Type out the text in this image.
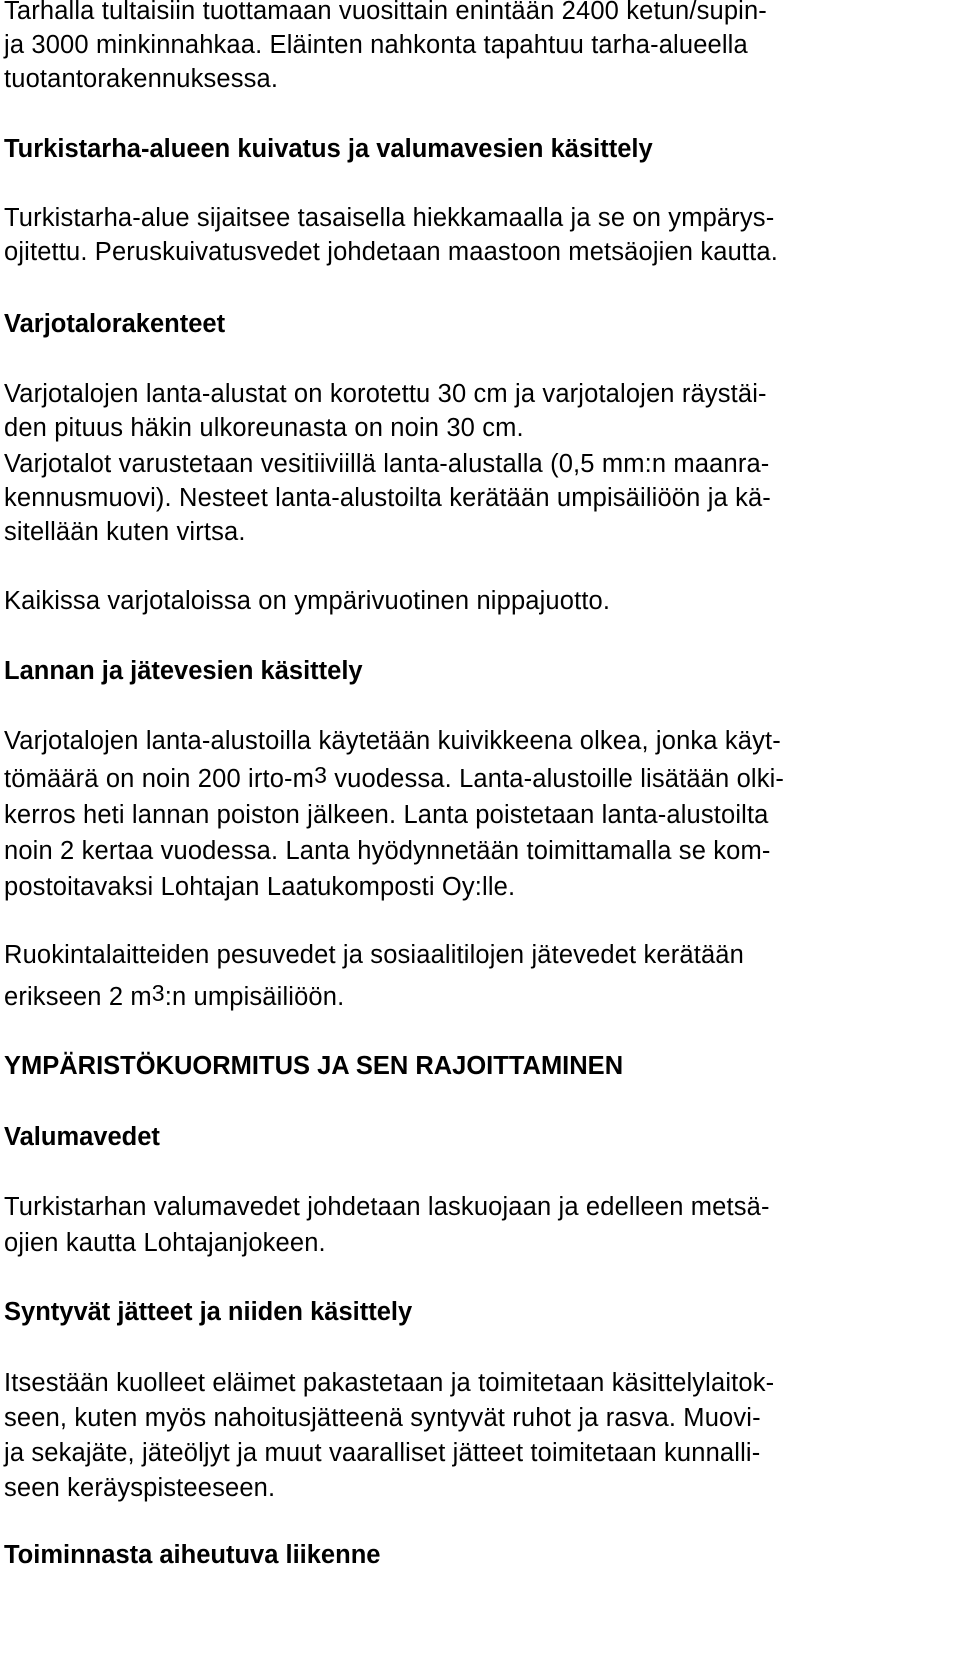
Tarhalla tultaisiin tuottamaan vuosittain enintään 2400 ketun/supin-

ja 3000 minkinnahkaa. Eläinten nahkonta tapahtuu tarha-alueella

tuotantorakennuksessa.

Turkistarha-alueen kuivatus ja valumavesien käsittely

Turkistarha-alue sijaitsee tasaisella hiekkamaalla ja se on ympärys-

ojitettu. Peruskuivatusvedet johdetaan maastoon metsäojien kautta.

Varjotalorakenteet

Varjotalojen lanta-alustat on korotettu 30 cm ja varjotalojen räystäi-

den pituus häkin ulkoreunasta on noin 30 cm.

Varjotalot varustetaan vesitiiviillä lanta-alustalla (0,5 mm:n maanra-

kennusmuovi). Nesteet lanta-alustoilta kerätään umpisäiliöön ja kä-

sitellään kuten virtsa.

Kaikissa varjotaloissa on ympärivuotinen nippajuotto.

Lannan ja jätevesien käsittely

Varjotalojen lanta-alustoilla käytetään kuivikkeena olkea, jonka käyt-

tömäärä on noin 200 irto-$m^3$ vuodessa. Lanta-alustoille lisätään olki-

kerros heti lannan poiston jälkeen. Lanta poistetaan lanta-alustoilta

noin 2 kertaa vuodessa. Lanta hyödynnetään toimittamalla se kom-

postoitavaksi Lohtajan Laatukomposti Oy:lle.

Ruokintalaitteiden pesuvedet ja sosiaalitilojen jätevedet kerätään

erikseen 2 $m^3:n$ umpisäiliöön.

YMPÄRISTÖKUORMITUS JA SEN RAJOITTAMINEN

Valumavedet

Turkistarhan valumavedet johdetaan laskuojaan ja edelleen metsä-

ojien kautta Lohtajanjokeen.

Syntyvät jätteet ja niiden käsittely

Itsestään kuolleet eläimet pakastetaan ja toimitetaan käsittelylaitok-

seen, kuten myös nahoitusjätteenä syntyvät ruhot ja rasva. Muovi-

ja sekajäte, jäteöljyt ja muut vaaralliset jätteet toimitetaan kunnalli-

seen keräyspisteeseen.

Toiminnasta aiheutuva liikenne
